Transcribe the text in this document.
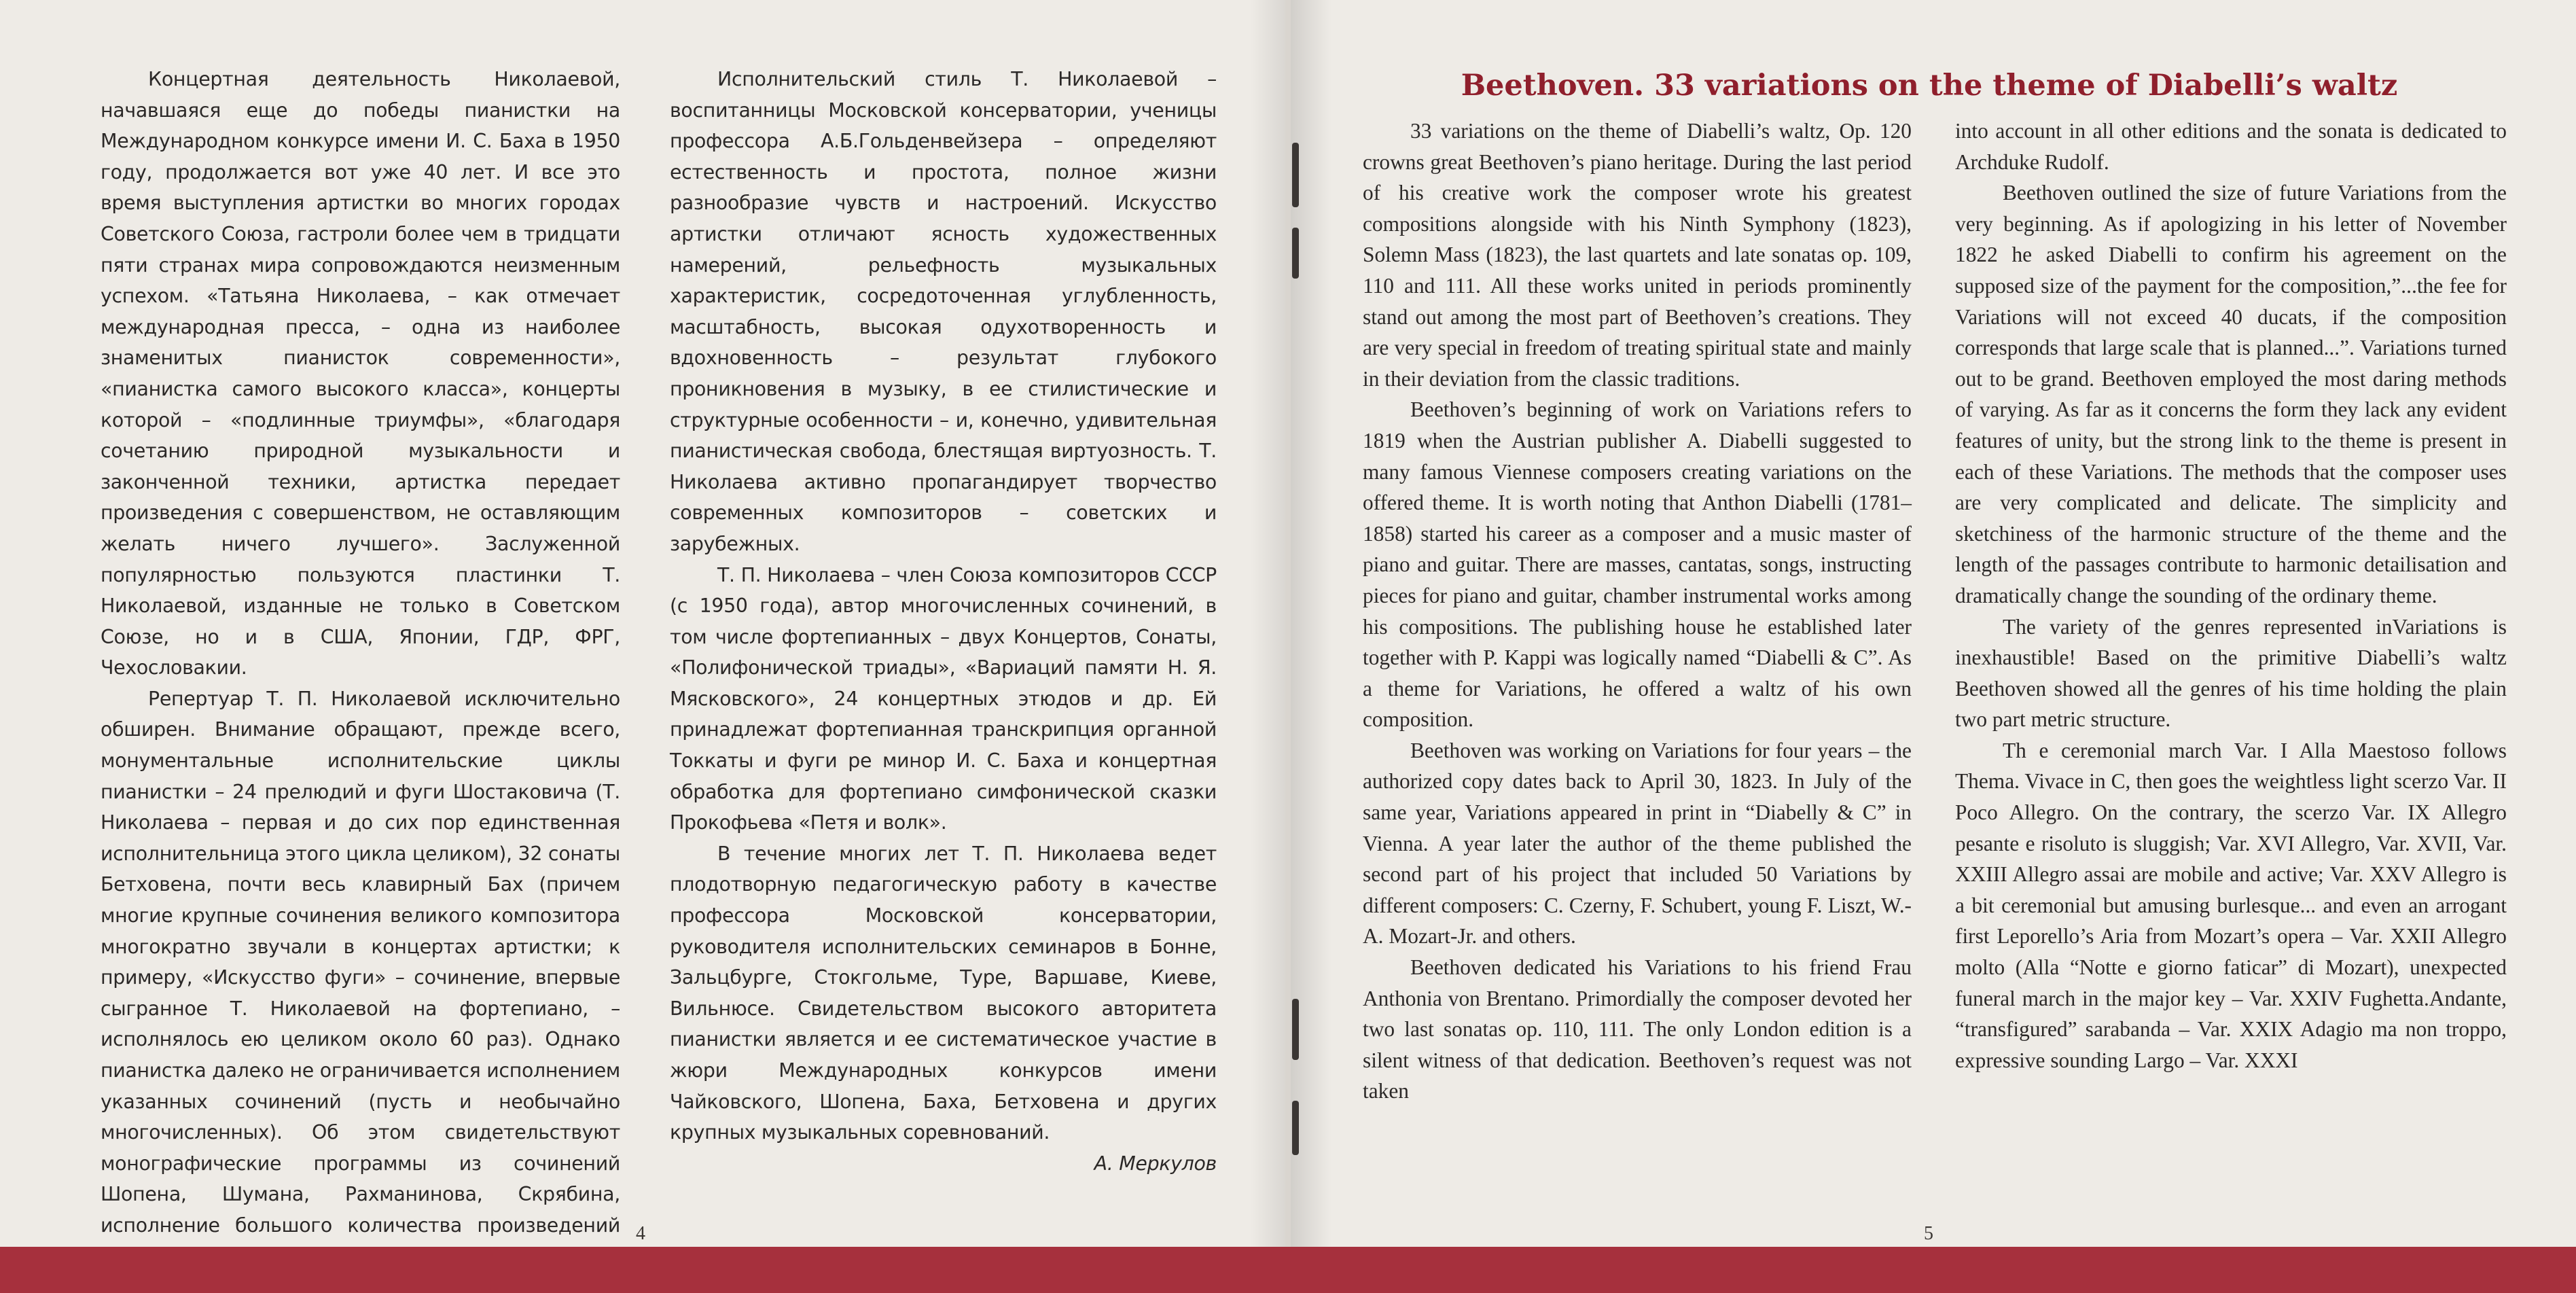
Концертная деятельность Николаевой, начавшаяся еще до победы пианистки на Международном конкурсе имени И. С. Баха в 1950 году, продолжается вот уже 40 лет. И все это время выступления артистки во многих городах Советского Союза, гастроли более чем в тридцати пяти странах мира сопровождаются неизменным успехом. «Татьяна Николаева, – как отмечает международная пресса, – одна из наиболее знаменитых пианисток современности», «пианистка самого высокого класса», концерты которой – «подлинные триумфы», «благодаря сочетанию природной музыкальности и законченной техники, артистка передает произведения с совершенством, не оставляющим желать ничего лучшего». Заслуженной популярностью пользуются пластинки Т. Николаевой, изданные не только в Советском Союзе, но и в США, Японии, ГДР, ФРГ, Чехословакии.

Репертуар Т. П. Николаевой исключительно обширен. Внимание обращают, прежде всего, монументальные исполнительские циклы пианистки – 24 прелюдий и фуги Шостаковича (Т. Николаева – первая и до сих пор единственная исполнительница этого цикла целиком), 32 сонаты Бетховена, почти весь клавирный Бах (причем многие крупные сочинения великого композитора многократно звучали в концертах артистки; к примеру, «Искусство фуги» – сочинение, впервые сыгранное Т. Николаевой на фортепиано, – исполнялось ею целиком около 60 раз). Однако пианистка далеко не ограничивается исполнением указанных сочинений (пусть и необычайно многочисленных). Об этом свидетельствуют монографические программы из сочинений Шопена, Шумана, Рахманинова, Скрябина, исполнение большого количества произведений

Исполнительский стиль Т. Николаевой – воспитанницы Московской консерватории, ученицы профессора А.Б.Гольденвейзера – определяют естественность и простота, полное жизни разнообразие чувств и настроений. Искусство артистки отличают ясность художественных намерений, рельефность музыкальных характеристик, сосредоточенная углубленность, масштабность, высокая одухотворенность и вдохновенность – результат глубокого проникновения в музыку, в ее стилистические и структурные особенности – и, конечно, удивительная пианистическая свобода, блестящая виртуозность. Т. Николаева активно пропагандирует творчество современных композиторов – советских и зарубежных.

Т. П. Николаева – член Союза композиторов СССР (с 1950 года), автор многочисленных сочинений, в том числе фортепианных – двух Концертов, Сонаты, «Полифонической триады», «Вариаций памяти Н. Я. Мясковского», 24 концертных этюдов и др. Ей принадлежат фортепианная транскрипция органной Токкаты и фуги ре минор И. С. Баха и концертная обработка для фортепиано симфонической сказки Прокофьева «Петя и волк».

В течение многих лет Т. П. Николаева ведет плодотворную педагогическую работу в качестве профессора Московской консерватории, руководителя исполнительских семинаров в Бонне, Зальцбурге, Стокгольме, Туре, Варшаве, Киеве, Вильнюсе. Свидетельством высокого авторитета пианистки является и ее систематическое участие в жюри Международных конкурсов имени Чайковского, Шопена, Баха, Бетховена и других крупных музыкальных соревнований.

А. Меркулов

4
Beethoven. 33 variations on the theme of Diabelli’s waltz

33 variations on the theme of Diabelli’s waltz, Op. 120 crowns great Beethoven’s piano heritage. During the last period of his creative work the composer wrote his greatest compositions alongside with his Ninth Symphony (1823), Solemn Mass (1823), the last quartets and late sonatas op. 109, 110 and 111. All these works united in periods prominently stand out among the most part of Beethoven’s creations. They are very special in freedom of treating spiritual state and mainly in their deviation from the classic traditions.

Beethoven’s beginning of work on Variations refers to 1819 when the Austrian publisher A. Diabelli suggested to many famous Viennese composers creating variations on the offered theme. It is worth noting that Anthon Diabelli (1781–1858) started his career as a composer and a music master of piano and guitar. There are masses, cantatas, songs, instructing pieces for piano and guitar, chamber instrumental works among his compositions. The publishing house he established later together with P. Kappi was logically named “Diabelli & C”. As a theme for Variations, he offered a waltz of his own composition.

Beethoven was working on Variations for four years – the authorized copy dates back to April 30, 1823. In July of the same year, Variations appeared in print in “Diabelly & C” in Vienna. A year later the author of the theme published the second part of his project that included 50 Variations by different composers: C. Czerny, F. Schubert, young F. Liszt, W.-A. Mozart-Jr. and others.

Beethoven dedicated his Variations to his friend Frau Anthonia von Brentano. Primordially the composer devoted her two last sonatas op. 110, 111. The only London edition is a silent witness of that dedication. Beethoven’s request was not taken

into account in all other editions and the sonata is dedicated to Archduke Rudolf.

Beethoven outlined the size of future Variations from the very beginning. As if apologizing in his letter of November 1822 he asked Diabelli to confirm his agreement on the supposed size of the payment for the composition,”...the fee for Variations will not exceed 40 ducats, if the composition corresponds that large scale that is planned...”. Variations turned out to be grand. Beethoven employed the most daring methods of varying. As far as it concerns the form they lack any evident features of unity, but the strong link to the theme is present in each of these Variations. The methods that the composer uses are very complicated and delicate. The simplicity and sketchiness of the harmonic structure of the theme and the length of the passages contribute to harmonic detailisation and dramatically change the sounding of the ordinary theme.

The variety of the genres represented inVariations is inexhaustible! Based on the primitive Diabelli’s waltz Beethoven showed all the genres of his time holding the plain two part metric structure.

Th e ceremonial march Var. I Alla Maestoso follows Thema. Vivace in C, then goes the weightless light scerzo Var. II Poco Allegro. On the contrary, the scerzo Var. IX Allegro pesante e risoluto is sluggish; Var. XVI Allegro, Var. XVII, Var. XXIII Allegro assai are mobile and active; Var. XXV Allegro is a bit ceremonial but amusing burlesque... and even an arrogant first Leporello’s Aria from Mozart’s opera – Var. XXII Allegro molto (Alla “Notte e giorno faticar” di Mozart), unexpected funeral march in the major key – Var. XXIV Fughetta.Andante, “transfigured” sarabanda – Var. XXIX Adagio ma non troppo, expressive sounding Largo – Var. XXXI

5
